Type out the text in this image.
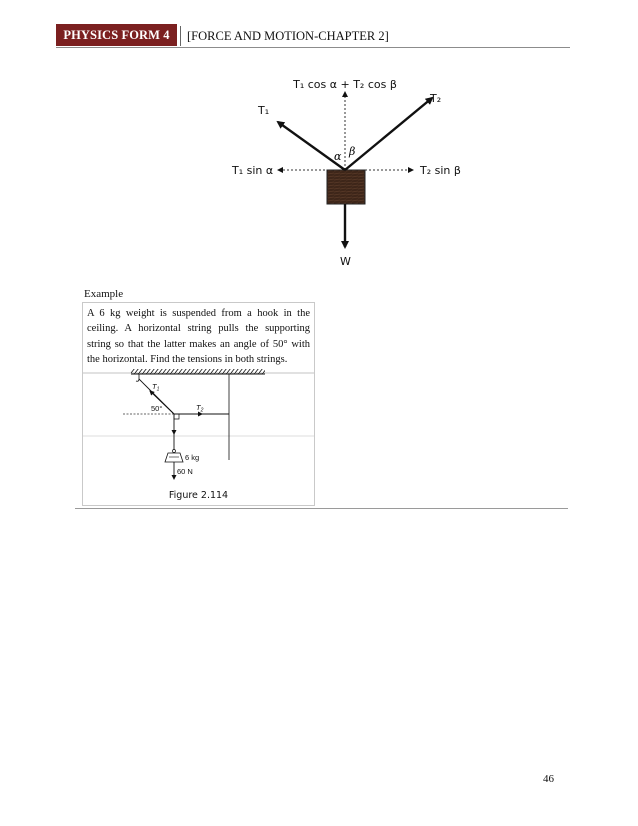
PHYSICS FORM 4	[FORCE AND MOTION-CHAPTER 2]
T₁ cos α + T₂ cos β
T₁ sin α	T₂ sin β
T₁
T₂
α β
W
Example
A 6 kg weight is suspended from a hook in the ceiling. A horizontal string pulls the supporting string so that the latter makes an angle of 50° with the horizontal. Find the tensions in both strings.
$T_1$
$T_2$
50°
6 kg
60 N
Figure 2.114
46
